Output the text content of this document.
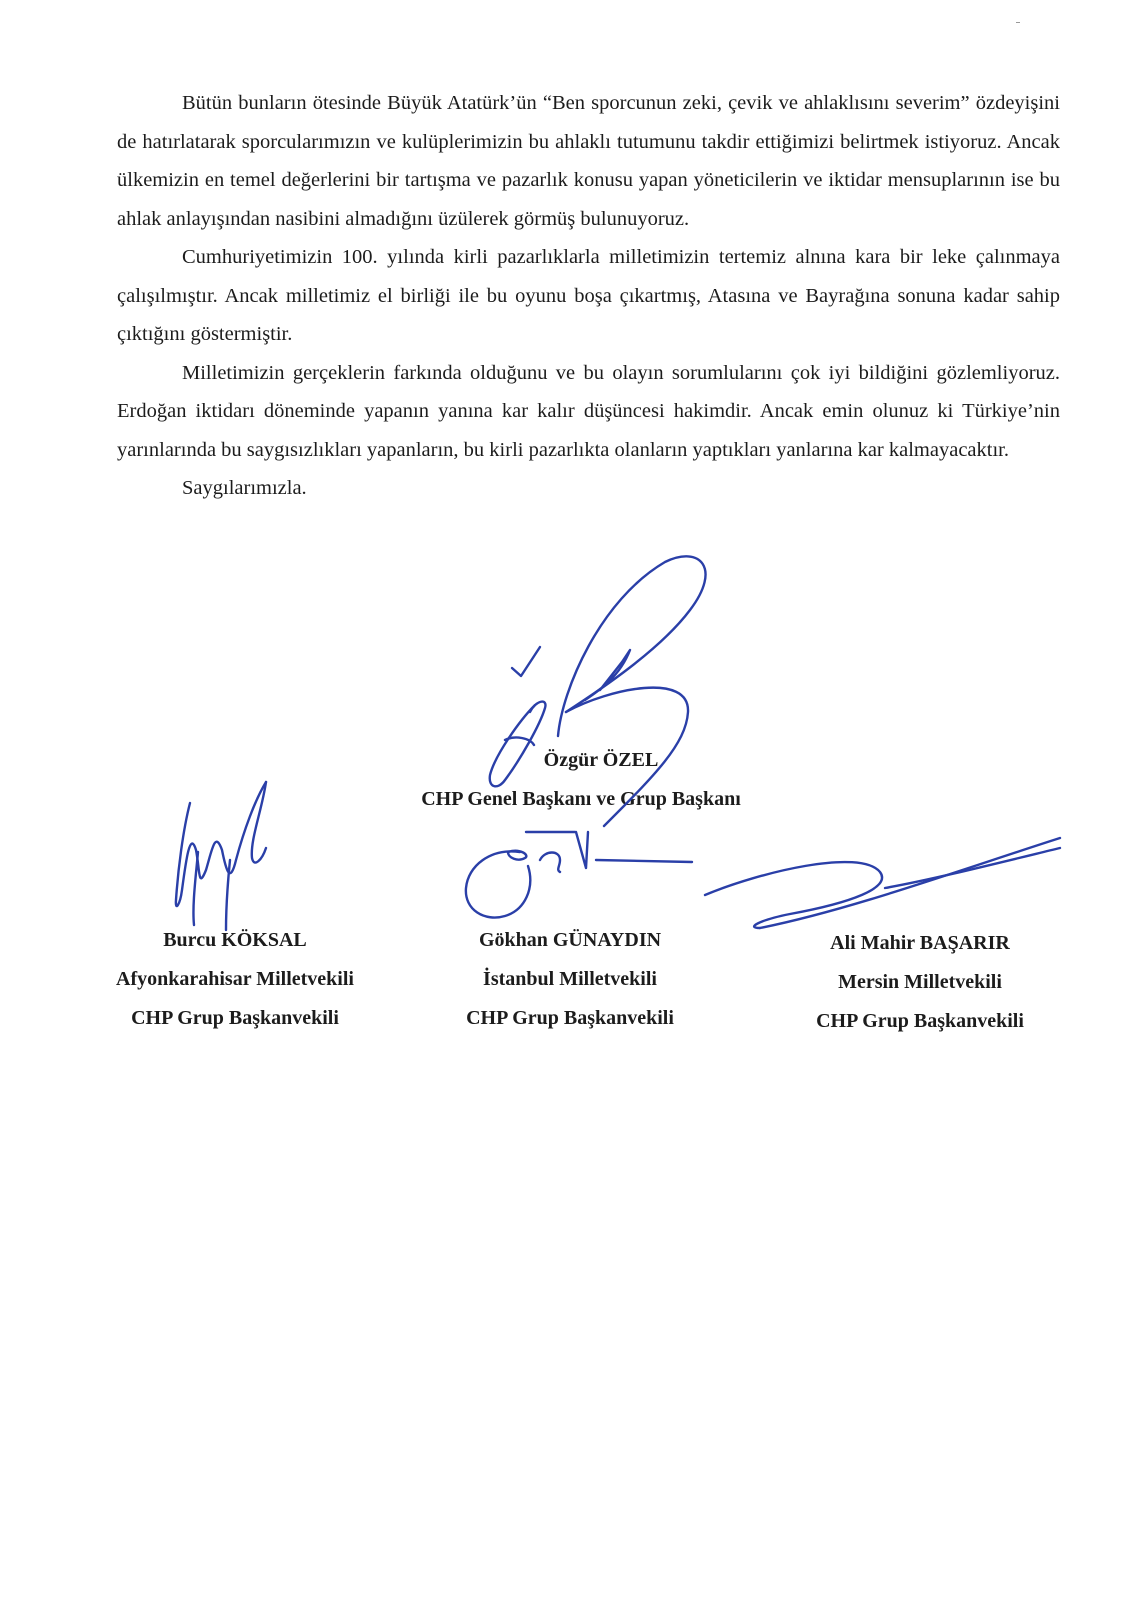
Bütün bunların ötesinde Büyük Atatürk’ün “Ben sporcunun zeki, çevik ve ahlaklısını severim” özdeyişini de hatırlatarak sporcularımızın ve kulüplerimizin bu ahlaklı tutumunu takdir ettiğimizi belirtmek istiyoruz. Ancak ülkemizin en temel değerlerini bir tartışma ve pazarlık konusu yapan yöneticilerin ve iktidar mensuplarının ise bu ahlak anlayışından nasibini almadığını üzülerek görmüş bulunuyoruz.

Cumhuriyetimizin 100. yılında kirli pazarlıklarla milletimizin tertemiz alnına kara bir leke çalınmaya çalışılmıştır. Ancak milletimiz el birliği ile bu oyunu boşa çıkartmış, Atasına ve Bayrağına sonuna kadar sahip çıktığını göstermiştir.

Milletimizin gerçeklerin farkında olduğunu ve bu olayın sorumlularını çok iyi bildiğini gözlemliyoruz. Erdoğan iktidarı döneminde yapanın yanına kar kalır düşüncesi hakimdir. Ancak emin olunuz ki Türkiye’nin yarınlarında bu saygısızlıkları yapanların, bu kirli pazarlıkta olanların yaptıkları yanlarına kar kalmayacaktır.

Saygılarımızla.

Özgür ÖZEL
CHP Genel Başkanı ve Grup Başkanı
Burcu KÖKSAL
Afyonkarahisar Milletvekili
CHP Grup Başkanvekili
Gökhan GÜNAYDIN
İstanbul Milletvekili
CHP Grup Başkanvekili
Ali Mahir BAŞARIR
Mersin Milletvekili
CHP Grup Başkanvekili
